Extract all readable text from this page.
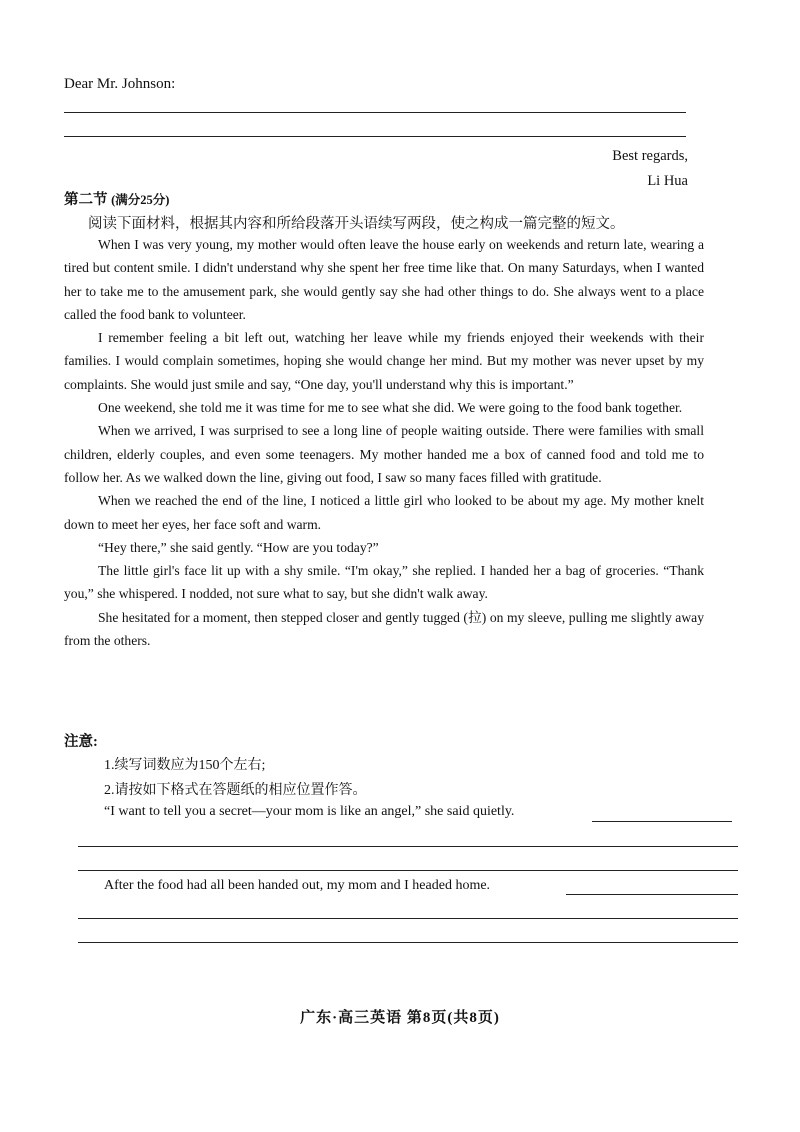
Dear Mr. Johnson:
Best regards,
Li Hua
第二节 (满分25分)
阅读下面材料，根据其内容和所给段落开头语续写两段，使之构成一篇完整的短文。

When I was very young, my mother would often leave the house early on weekends and return late, wearing a tired but content smile. I didn't understand why she spent her free time like that. On many Saturdays, when I wanted her to take me to the amusement park, she would gently say she had other things to do. She always went to a place called the food bank to volunteer.

I remember feeling a bit left out, watching her leave while my friends enjoyed their weekends with their families. I would complain sometimes, hoping she would change her mind. But my mother was never upset by my complaints. She would just smile and say, “One day, you'll understand why this is important.”

One weekend, she told me it was time for me to see what she did. We were going to the food bank together.

When we arrived, I was surprised to see a long line of people waiting outside. There were families with small children, elderly couples, and even some teenagers. My mother handed me a box of canned food and told me to follow her. As we walked down the line, giving out food, I saw so many faces filled with gratitude.

When we reached the end of the line, I noticed a little girl who looked to be about my age. My mother knelt down to meet her eyes, her face soft and warm.

“Hey there,” she said gently. “How are you today?”

The little girl's face lit up with a shy smile. “I'm okay,” she replied. I handed her a bag of groceries. “Thank you,” she whispered. I nodded, not sure what to say, but she didn't walk away.

She hesitated for a moment, then stepped closer and gently tugged (拉) on my sleeve, pulling me slightly away from the others.

注意:
1.续写词数应为150个左右;
2.请按如下格式在答题纸的相应位置作答。
“I want to tell you a secret—your mom is like an angel,” she said quietly.
After the food had all been handed out, my mom and I headed home.
广东·高三英语 第8页(共8页)
